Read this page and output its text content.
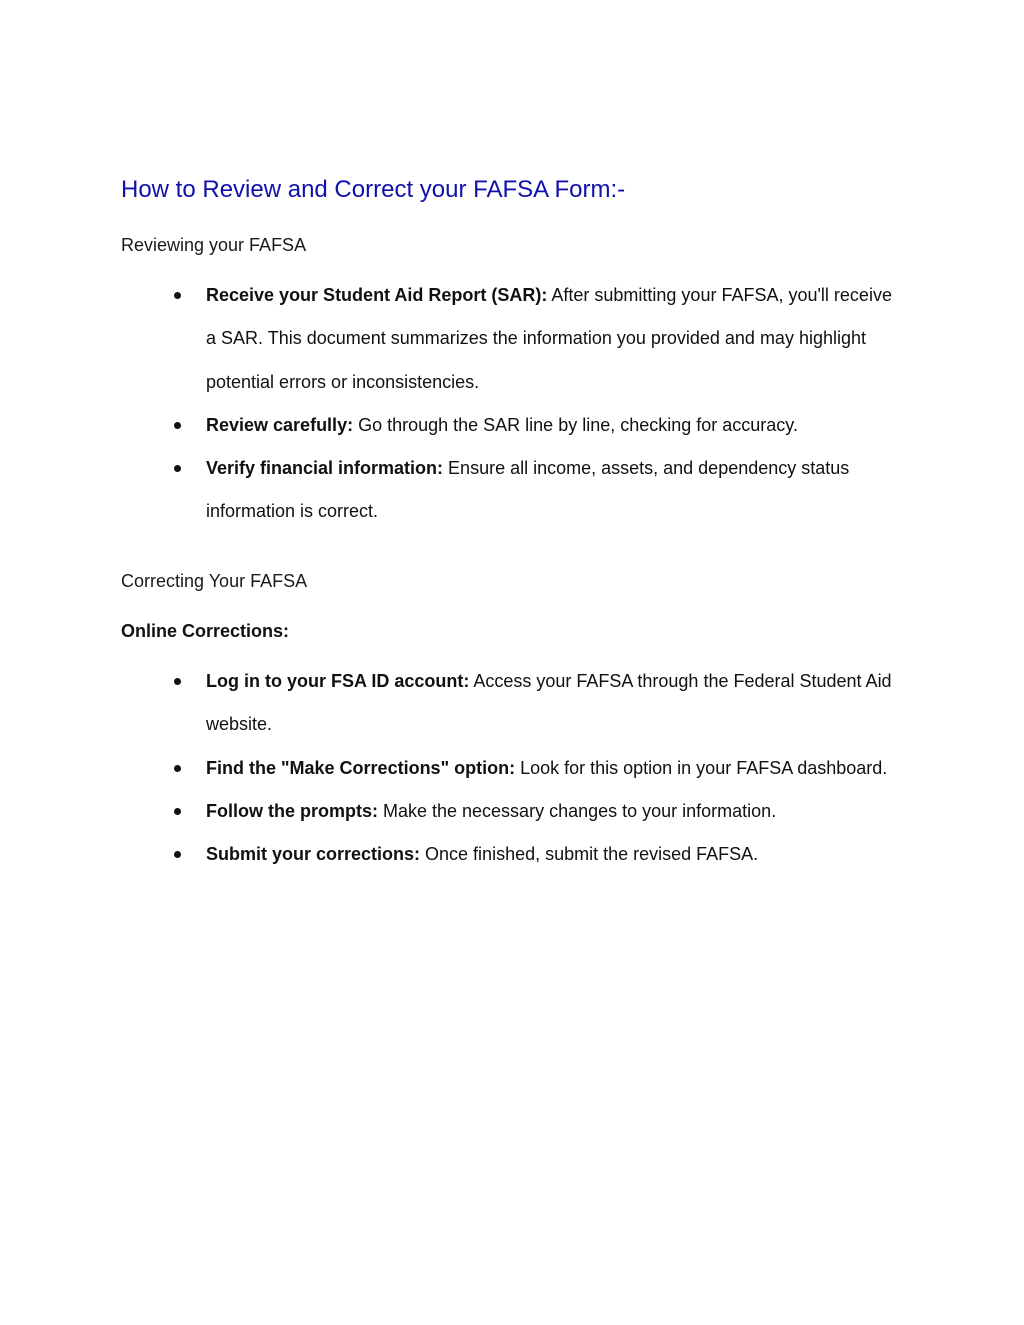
How to Review and Correct your FAFSA Form:-
Reviewing your FAFSA
Receive your Student Aid Report (SAR): After submitting your FAFSA, you'll receive a SAR. This document summarizes the information you provided and may highlight potential errors or inconsistencies.
Review carefully: Go through the SAR line by line, checking for accuracy.
Verify financial information: Ensure all income, assets, and dependency status information is correct.
Correcting Your FAFSA
Online Corrections:
Log in to your FSA ID account: Access your FAFSA through the Federal Student Aid website.
Find the "Make Corrections" option: Look for this option in your FAFSA dashboard.
Follow the prompts: Make the necessary changes to your information.
Submit your corrections: Once finished, submit the revised FAFSA.
